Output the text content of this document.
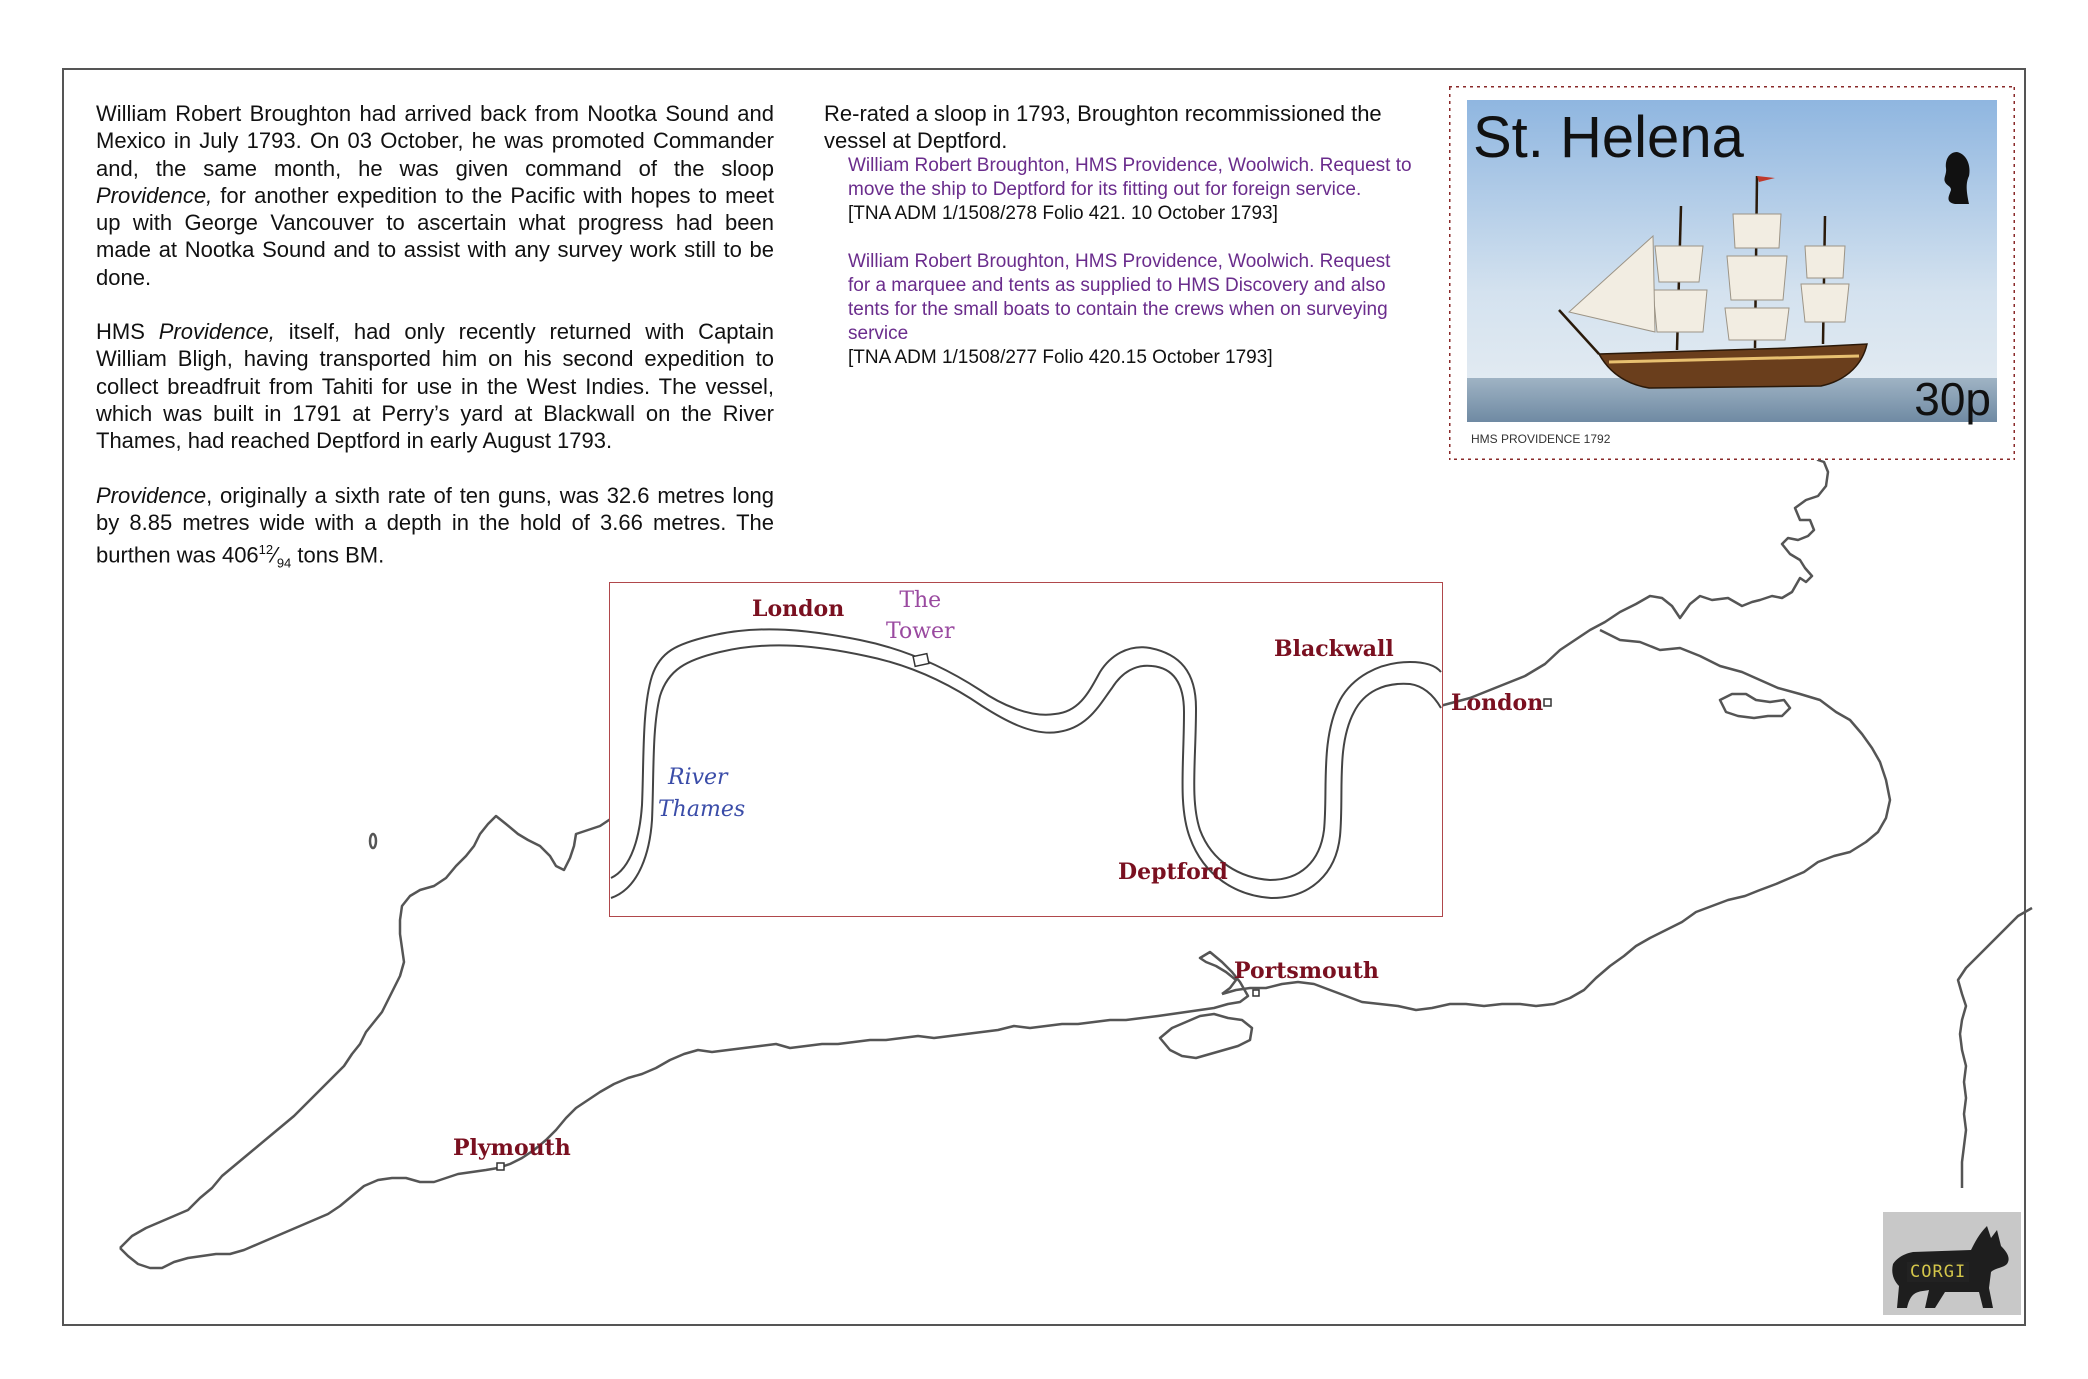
William Robert Broughton had arrived back from Nootka Sound and Mexico in July 1793. On 03 October, he was promoted Commander and, the same month, he was given command of the sloop Providence, for another expedition to the Pacific with hopes to meet up with George Vancouver to ascertain what progress had been made at Nootka Sound and to assist with any survey work still to be done.

HMS Providence, itself, had only recently returned with Captain William Bligh, having transported him on his second expedition to collect breadfruit from Tahiti for use in the West Indies. The vessel, which was built in 1791 at Perry’s yard at Blackwall on the River Thames, had reached Deptford in early August 1793.

Providence, originally a sixth rate of ten guns, was 32.6 metres long by 8.85 metres wide with a depth in the hold of 3.66 metres. The burthen was $406^{12}⁄_{94}$ tons BM.

Re-rated a sloop in 1793, Broughton recommissioned the vessel at Deptford.

William Robert Broughton, HMS Providence, Woolwich. Request to move the ship to Deptford for its fitting out for foreign service.
[TNA ADM 1/1508/278 Folio 421. 10 October 1793]
William Robert Broughton, HMS Providence, Woolwich. Request for a marquee and tents as supplied to HMS Discovery and also tents for the small boats to contain the crews when on surveying service
[TNA ADM 1/1508/277 Folio 420.15 October 1793]
St. Helena
30p
HMS PROVIDENCE 1792
London
Portsmouth
Plymouth
London	The
Tower
Blackwall
River
Thames
Deptford
CORGI
